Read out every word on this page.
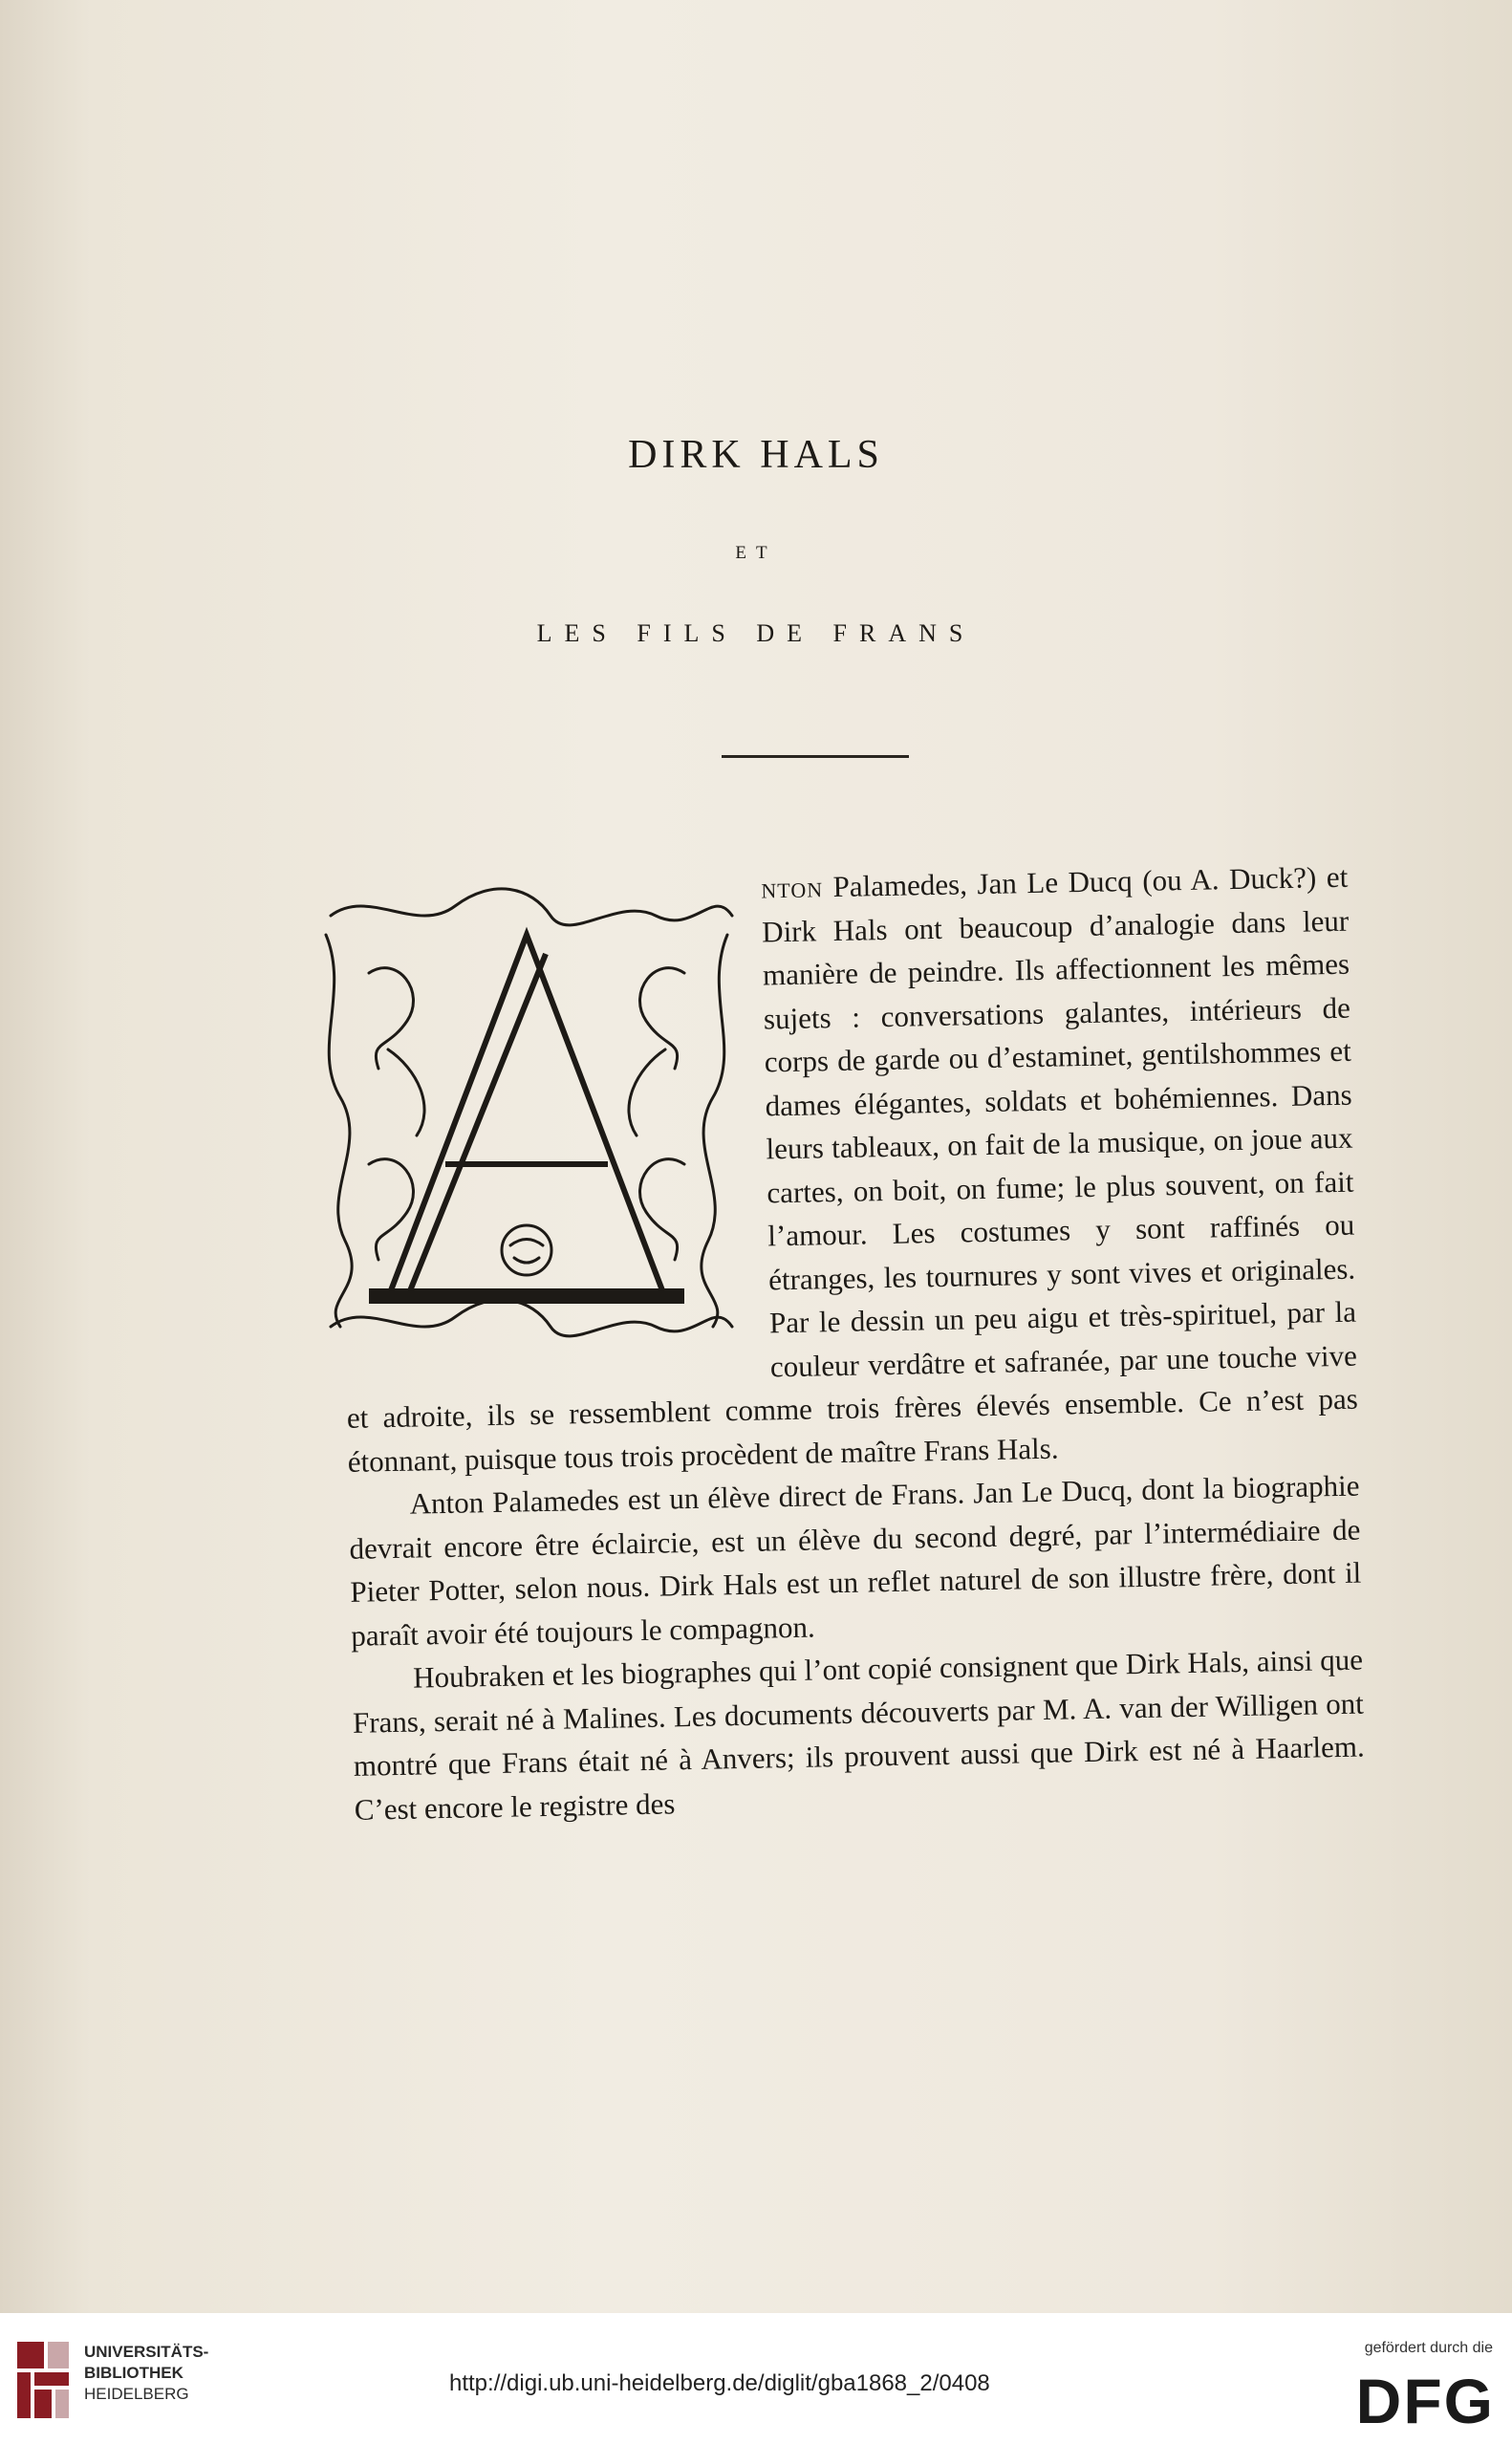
DIRK HALS
ET
LES FILS DE FRANS

nton Palamedes, Jan Le Ducq (ou A. Duck?) et Dirk Hals ont beaucoup d’analogie dans leur manière de peindre. Ils affectionnent les mêmes sujets : conversations galantes, intérieurs de corps de garde ou d’estaminet, gentilshommes et dames élégantes, soldats et bohémiennes. Dans leurs tableaux, on fait de la musique, on joue aux cartes, on boit, on fume; le plus souvent, on fait l’amour. Les costumes y sont raffinés ou étranges, les tournures y sont vives et originales. Par le dessin un peu aigu et très-spirituel, par la couleur verdâtre et safranée, par une touche vive et adroite, ils se ressemblent comme trois frères élevés ensemble. Ce n’est pas étonnant, puisque tous trois procèdent de maître Frans Hals.

Anton Palamedes est un élève direct de Frans. Jan Le Ducq, dont la biographie devrait encore être éclaircie, est un élève du second degré, par l’intermédiaire de Pieter Potter, selon nous. Dirk Hals est un reflet naturel de son illustre frère, dont il paraît avoir été toujours le compagnon.

Houbraken et les biographes qui l’ont copié consignent que Dirk Hals, ainsi que Frans, serait né à Malines. Les documents découverts par M. A. van der Willigen ont montré que Frans était né à Anvers; ils prouvent aussi que Dirk est né à Haarlem. C’est encore le registre des

UNIVERSITÄTS-
BIBLIOTHEK
HEIDELBERG	http://digi.ub.uni-heidelberg.de/diglit/gba1868_2/0408
gefördert durch die
DFG
